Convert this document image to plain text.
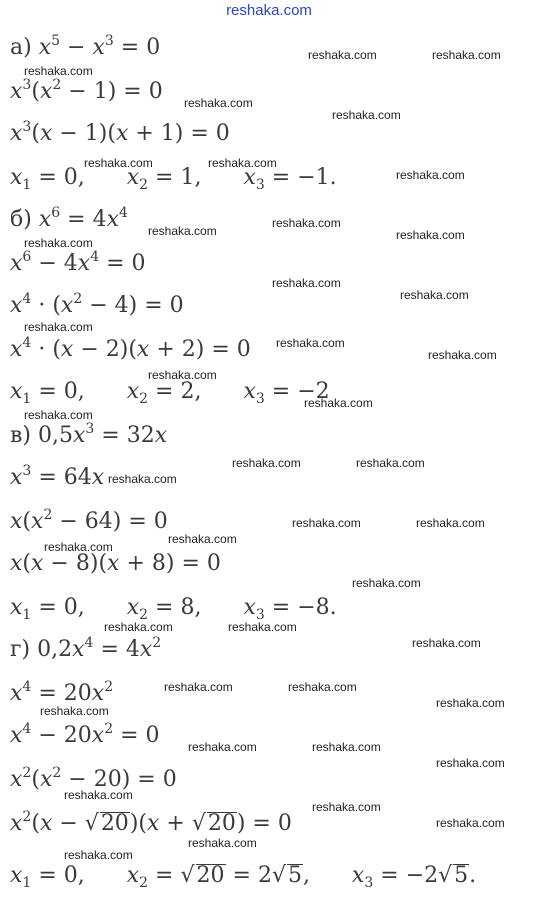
reshaka.com
а) $x^5 - x^3 = 0$
$x^3(x^2 - 1) = 0$
$x^3(x - 1)(x + 1) = 0$
$x_1 = 0$,      $x_2 = 1$,      $x_3 = -1$.
б) $x^6 = 4x^4$
$x^6 - 4x^4 = 0$
$x^4 \cdot (x^2 - 4) = 0$
$x^4 \cdot (x - 2)(x + 2) = 0$
$x_1 = 0$,      $x_2 = 2$,      $x_3 = -2$
в) $0,5x^3 = 32x$
$x^3 = 64x$
$x(x^2 - 64) = 0$
x(x − 8)(x + 8) = 0
$x_1 = 0$,      $x_2 = 8$,      $x_3 = -8$.
г) $0,2x^4 = 4x^2$
$x^4 = 20x^2$
$x^4 - 20x^2 = 0$
$x^2(x^2 - 20) = 0$
$x^2(x - √20)(x + √20) = 0$
$x_1 = 0$,      $x_2 = √20 = 2√5$,      $x_3 = -2√5$.
reshaka.com	reshaka.com
reshaka.com
reshaka.com
reshaka.com
reshaka.com	reshaka.com
reshaka.com
reshaka.com
reshaka.com	reshaka.com
reshaka.com
reshaka.com
reshaka.com
reshaka.com
reshaka.com
reshaka.com
reshaka.com
reshaka.com
reshaka.com
reshaka.com	reshaka.com
reshaka.com
reshaka.com	reshaka.com
reshaka.com
reshaka.com
reshaka.com
reshaka.com	reshaka.com
reshaka.com
reshaka.com	reshaka.com
reshaka.com
reshaka.com
reshaka.com	reshaka.com
reshaka.com
reshaka.com
reshaka.com
reshaka.com
reshaka.com
reshaka.com
